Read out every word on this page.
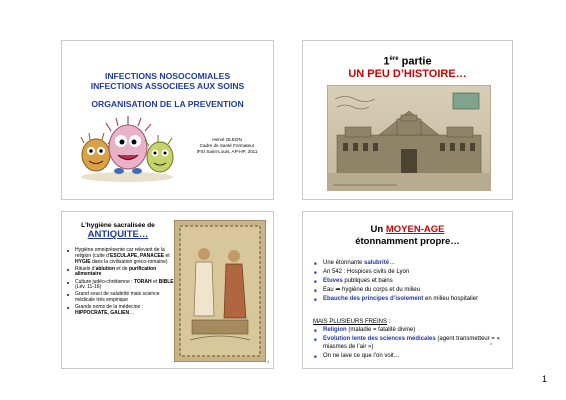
INFECTIONS NOSOCOMIALES
INFECTIONS ASSOCIEES AUX SOINS
ORGANISATION DE LA PREVENTION
Hervé OLEON
Cadre de Santé Formateur
IFSI Saint-Louis, AP-HP, 2011
1ère partie
UN PEU D’HISTOIRE…
L’hygiène sacralisée de
ANTIQUITE…
■ Hygiène omniprésente car relevant de la religion (culte d’ESCULAPE, PANACEE et HYGIE dans la civilisation gréco-romaine)
■ Rituels d’ablution et de purification alimentaire
■ Culture judéo-chrétienne : TORAH et BIBLE (Lév. 11-16)
■ Grand souci de salubrité mais science médicale très empirique
■ Grands noms de la médecine : HIPPOCRATE, GALIEN…
3
Un MOYEN-AGE
étonnamment propre…
■ Une étonnante salubrité…
■ An 542 : Hospices civils de Lyon
■ Etuves publiques et bains
■ Eau ➡ hygiène du corps et du milieu
■ Ebauche des principes d’isolement en milieu hospitalier
MAIS PLUSIEURS FREINS :
■ Religion (maladie = fatalité divine)
■ Evolution lente des sciences médicales (agent transmetteur = « miasmes de l’air »)
■ On ne lave ce que l’on voit…
4
1
